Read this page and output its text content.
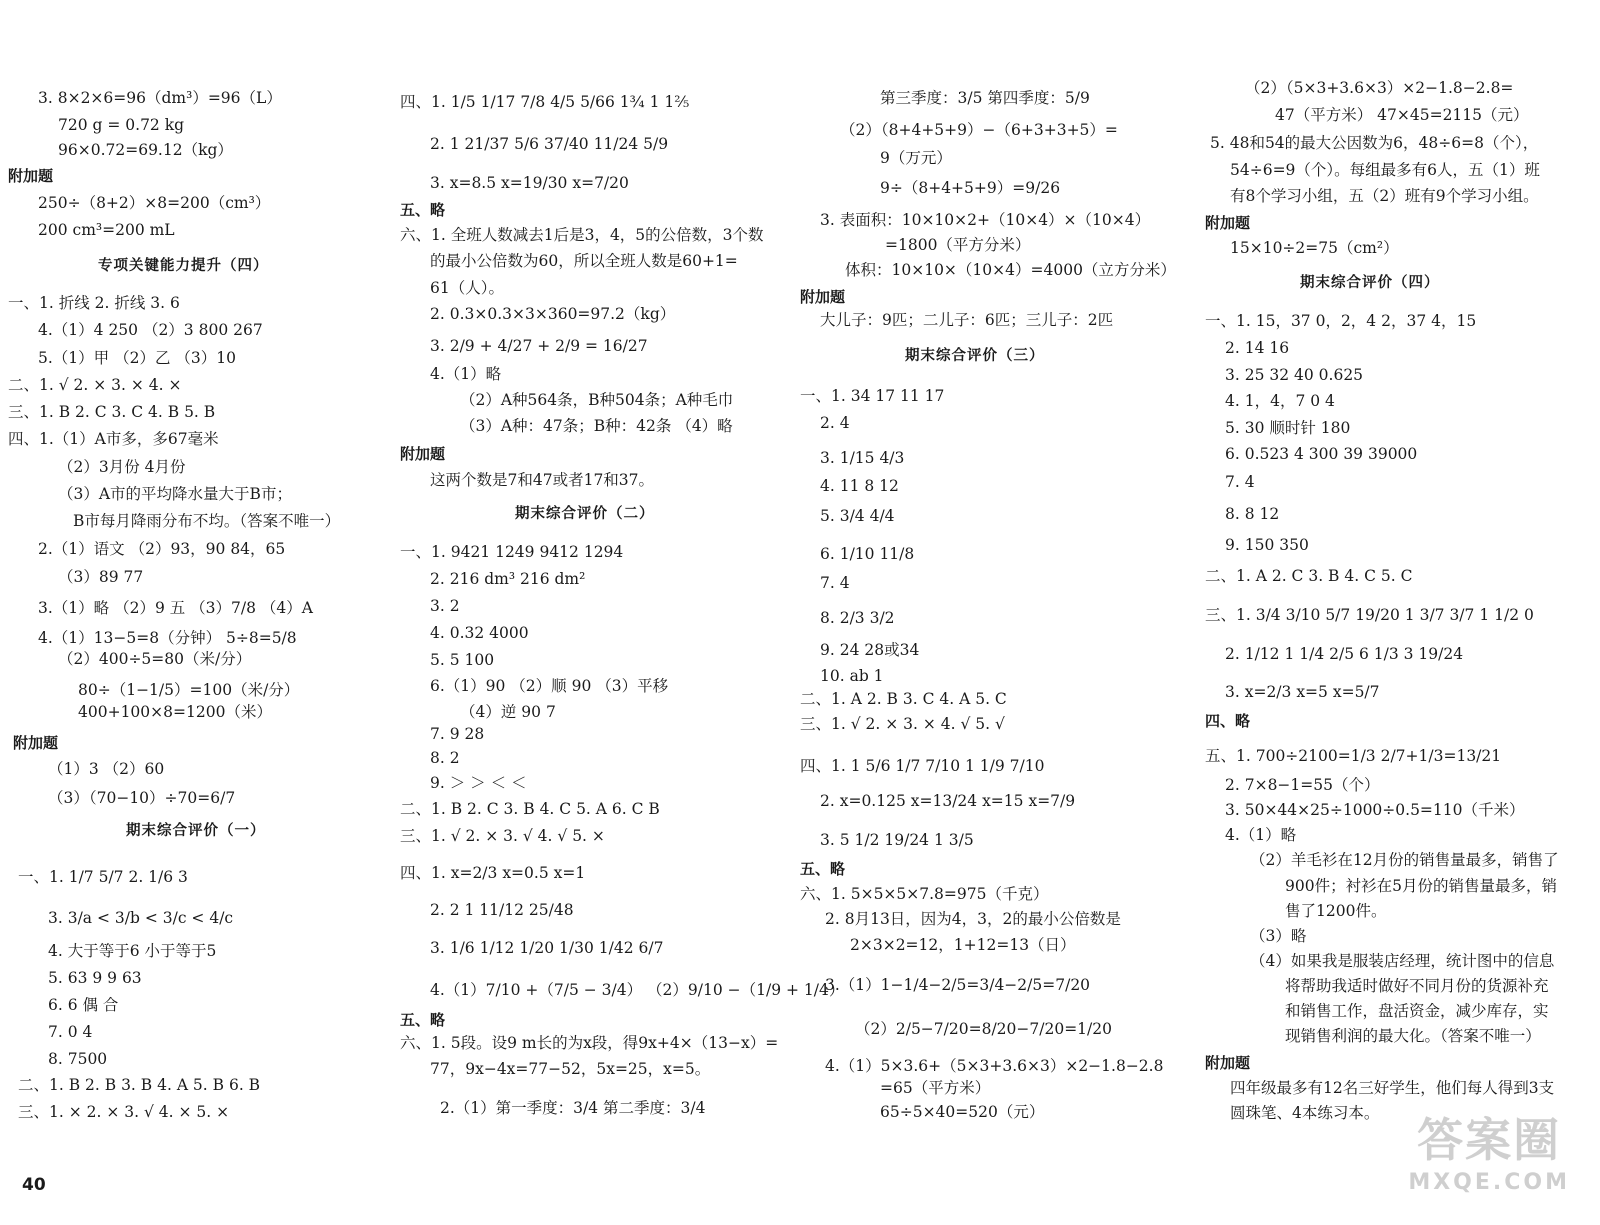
3. 8×2×6=96（dm³）=96（L）
720 g = 0.72 kg
96×0.72=69.12（kg）
附加题
250÷（8+2）×8=200（cm³）
200 cm³=200 mL
专项关键能力提升（四）
一、1. 折线 2. 折线 3. 6
4.（1）4 250 （2）3 800 267
5.（1）甲 （2）乙 （3）10
二、1. √ 2. × 3. × 4. ×
三、1. B 2. C 3. C 4. B 5. B
四、1.（1）A市多，多67毫米
（2）3月份 4月份
（3）A市的平均降水量大于B市；
B市每月降雨分布不均。（答案不唯一）
2.（1）语文 （2）93，90 84，65
（3）89 77
3.（1）略 （2）9 五 （3）7/8 （4）A
4.（1）13−5=8（分钟） 5÷8=5/8
（2）400÷5=80（米/分）
80÷（1−1/5）=100（米/分）
400+100×8=1200（米）
附加题
（1）3 （2）60
（3）（70−10）÷70=6/7
期末综合评价（一）
一、1. 1/7 5/7 2. 1/6 3
3. 3/a < 3/b < 3/c < 4/c
4. 大于等于6 小于等于5
5. 63 9 9 63
6. 6 偶 合
7. 0 4
8. 7500
二、1. B 2. B 3. B 4. A 5. B 6. B
三、1. × 2. × 3. √ 4. × 5. ×
四、1. 1/5 1/17 7/8 4/5 5/66 1¾ 1 1⅖
2. 1 21/37 5/6 37/40 11/24 5/9
3. x=8.5 x=19/30 x=7/20
五、略
六、1. 全班人数减去1后是3，4，5的公倍数，3个数
的最小公倍数为60，所以全班人数是60+1=
61（人）。
2. 0.3×0.3×3×360=97.2（kg）
3. 2/9 + 4/27 + 2/9 = 16/27
4.（1）略
（2）A种564条，B种504条；A种毛巾
（3）A种：47条；B种：42条 （4）略
附加题
这两个数是7和47或者17和37。
期末综合评价（二）
一、1. 9421 1249 9412 1294
2. 216 dm³ 216 dm²
3. 2
4. 0.32 4000
5. 5 100
6.（1）90 （2）顺 90 （3）平移
（4）逆 90 7
7. 9 28
8. 2
9. ＞ ＞ ＜ ＜
二、1. B 2. C 3. B 4. C 5. A 6. C B
三、1. √ 2. × 3. √ 4. √ 5. ×
四、1. x=2/3 x=0.5 x=1
2. 2 1 11/12 25/48
3. 1/6 1/12 1/20 1/30 1/42 6/7
4.（1）7/10 +（7/5 − 3/4） （2）9/10 −（1/9 + 1/4）
五、略
六、1. 5段。设9 m长的为x段，得9x+4×（13−x）=
77，9x−4x=77−52，5x=25，x=5。
2.（1）第一季度：3/4 第二季度：3/4
第三季度：3/5 第四季度：5/9
（2）（8+4+5+9）−（6+3+3+5）=
9（万元）
9÷（8+4+5+9）=9/26
3. 表面积：10×10×2+（10×4）×（10×4）
=1800（平方分米）
体积：10×10×（10×4）=4000（立方分米）
附加题
大儿子：9匹；二儿子：6匹；三儿子：2匹
期末综合评价（三）
一、1. 34 17 11 17
2. 4
3. 1/15 4/3
4. 11 8 12
5. 3/4 4/4
6. 1/10 11/8
7. 4
8. 2/3 3/2
9. 24 28或34
10. ab 1
二、1. A 2. B 3. C 4. A 5. C
三、1. √ 2. × 3. × 4. √ 5. √
四、1. 1 5/6 1/7 7/10 1 1/9 7/10
2. x=0.125 x=13/24 x=15 x=7/9
3. 5 1/2 19/24 1 3/5
五、略
六、1. 5×5×5×7.8=975（千克）
2. 8月13日，因为4，3，2的最小公倍数是
2×3×2=12，1+12=13（日）
3.（1）1−1/4−2/5=3/4−2/5=7/20
（2）2/5−7/20=8/20−7/20=1/20
4.（1）5×3.6+（5×3+3.6×3）×2−1.8−2.8
=65（平方米）
65÷5×40=520（元）
（2）（5×3+3.6×3）×2−1.8−2.8=
47（平方米） 47×45=2115（元）
5. 48和54的最大公因数为6，48÷6=8（个），
54÷6=9（个）。每组最多有6人，五（1）班
有8个学习小组，五（2）班有9个学习小组。
附加题
15×10÷2=75（cm²）
期末综合评价（四）
一、1. 15，37 0，2，4 2，37 4，15
2. 14 16
3. 25 32 40 0.625
4. 1，4，7 0 4
5. 30 顺时针 180
6. 0.523 4 300 39 39000
7. 4
8. 8 12
9. 150 350
二、1. A 2. C 3. B 4. C 5. C
三、1. 3/4 3/10 5/7 19/20 1 3/7 3/7 1 1/2 0
2. 1/12 1 1/4 2/5 6 1/3 3 19/24
3. x=2/3 x=5 x=5/7
四、略
五、1. 700÷2100=1/3 2/7+1/3=13/21
2. 7×8−1=55（个）
3. 50×44×25÷1000÷0.5=110（千米）
4.（1）略
（2）羊毛衫在12月份的销售量最多，销售了
900件；衬衫在5月份的销售量最多，销
售了1200件。
（3）略
（4）如果我是服装店经理，统计图中的信息
将帮助我适时做好不同月份的货源补充
和销售工作，盘活资金，减少库存，实
现销售利润的最大化。（答案不唯一）
附加题
四年级最多有12名三好学生，他们每人得到3支
圆珠笔、4本练习本。
40
答案圈
MXQE.COM
